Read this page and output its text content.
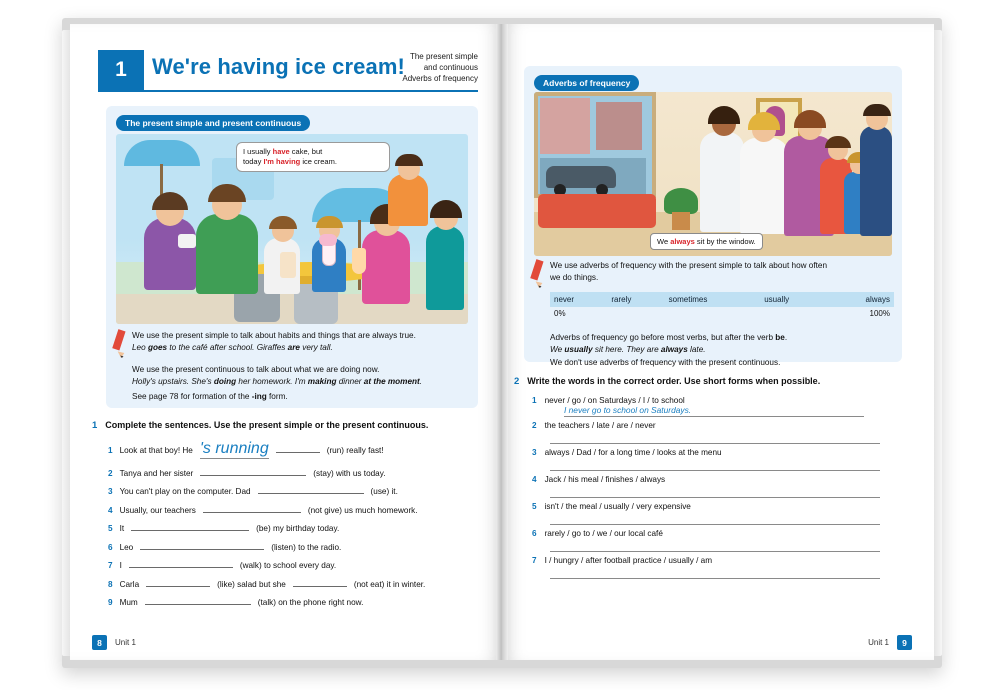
1	We're having ice cream! The present simple
and continuous
Adverbs of frequency
The present simple and present continuous
I usually have cake, but
today I'm having ice cream.
We use the present simple to talk about habits and things that are always true.
Leo goes to the café after school. Giraffes are very tall.
We use the present continuous to talk about what we are doing now.
Holly's upstairs. She's doing her homework. I'm making dinner at the moment.
See page 78 for formation of the -ing form.
1 Complete the sentences. Use the present simple or the present continuous.
1 Look at that boy! He 's running	(run) really fast!
2 Tanya and her sister	(stay) with us today.
3 You can't play on the computer. Dad	(use) it.
4 Usually, our teachers	(not give) us much homework.
5 It	(be) my birthday today.
6 Leo	(listen) to the radio.
7 I	(walk) to school every day.
8 Carla	(like) salad but she	(not eat) it in winter.
9 Mum	(talk) on the phone right now.
8	Unit 1
Adverbs of frequency
We always sit by the window.
We use adverbs of frequency with the present simple to talk about how often
we do things.
never	rarely	sometimes	usually	always
0%				100%
Adverbs of frequency go before most verbs, but after the verb be.
We usually sit here. They are always late.
We don't use adverbs of frequency with the present continuous.
2 Write the words in the correct order. Use short forms when possible.
1 never / go / on Saturdays / I / to school
I never go to school on Saturdays.
2 the teachers / late / are / never
3 always / Dad / for a long time / looks at the menu
4 Jack / his meal / finishes / always
5 isn't / the meal / usually / very expensive
6 rarely / go to / we / our local café
7 I / hungry / after football practice / usually / am
Unit 1	9
